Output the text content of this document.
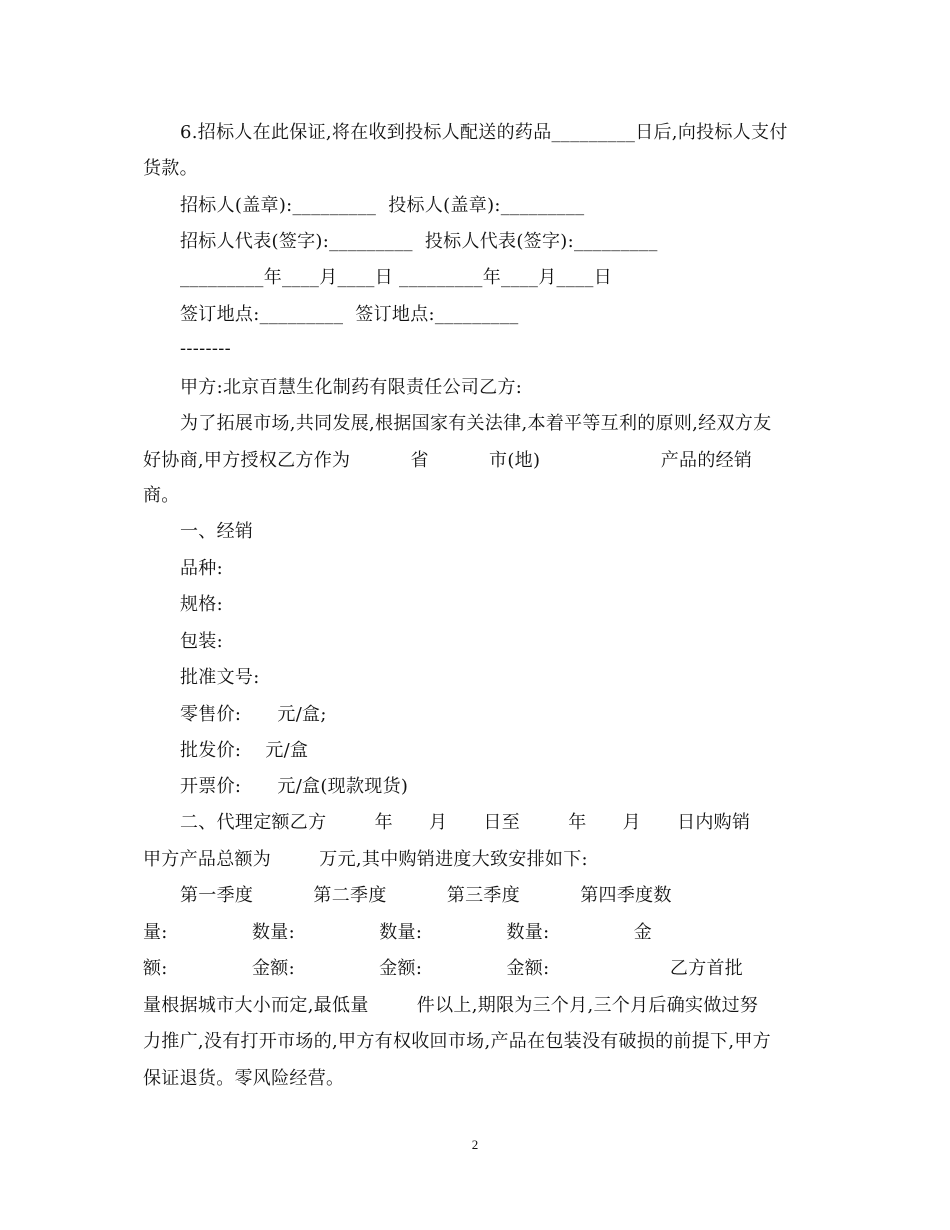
6.招标人在此保证,将在收到投标人配送的药品_________日后,向投标人支付
货款。
招标人(盖章):_________  投标人(盖章):_________
招标人代表(签字):_________  投标人代表(签字):_________
_________年____月____日 _________年____月____日
签订地点:_________  签订地点:_________
--------
甲方:北京百慧生化制药有限责任公司乙方:
为了拓展市场,共同发展,根据国家有关法律,本着平等互利的原则,经双方友
好协商,甲方授权乙方作为          省          市(地)                    产品的经销
商。
一、经销
品种:
规格:
包装:
批准文号:
零售价:      元/盒;
批发价:    元/盒
开票价:      元/盒(现款现货)
二、代理定额乙方        年      月      日至        年      月      日内购销
甲方产品总额为        万元,其中购销进度大致安排如下:
第一季度          第二季度          第三季度          第四季度数
量:              数量:              数量:              数量:              金
额:              金额:              金额:              金额:                    乙方首批
量根据城市大小而定,最低量        件以上,期限为三个月,三个月后确实做过努
力推广,没有打开市场的,甲方有权收回市场,产品在包装没有破损的前提下,甲方
保证退货。零风险经营。
2
